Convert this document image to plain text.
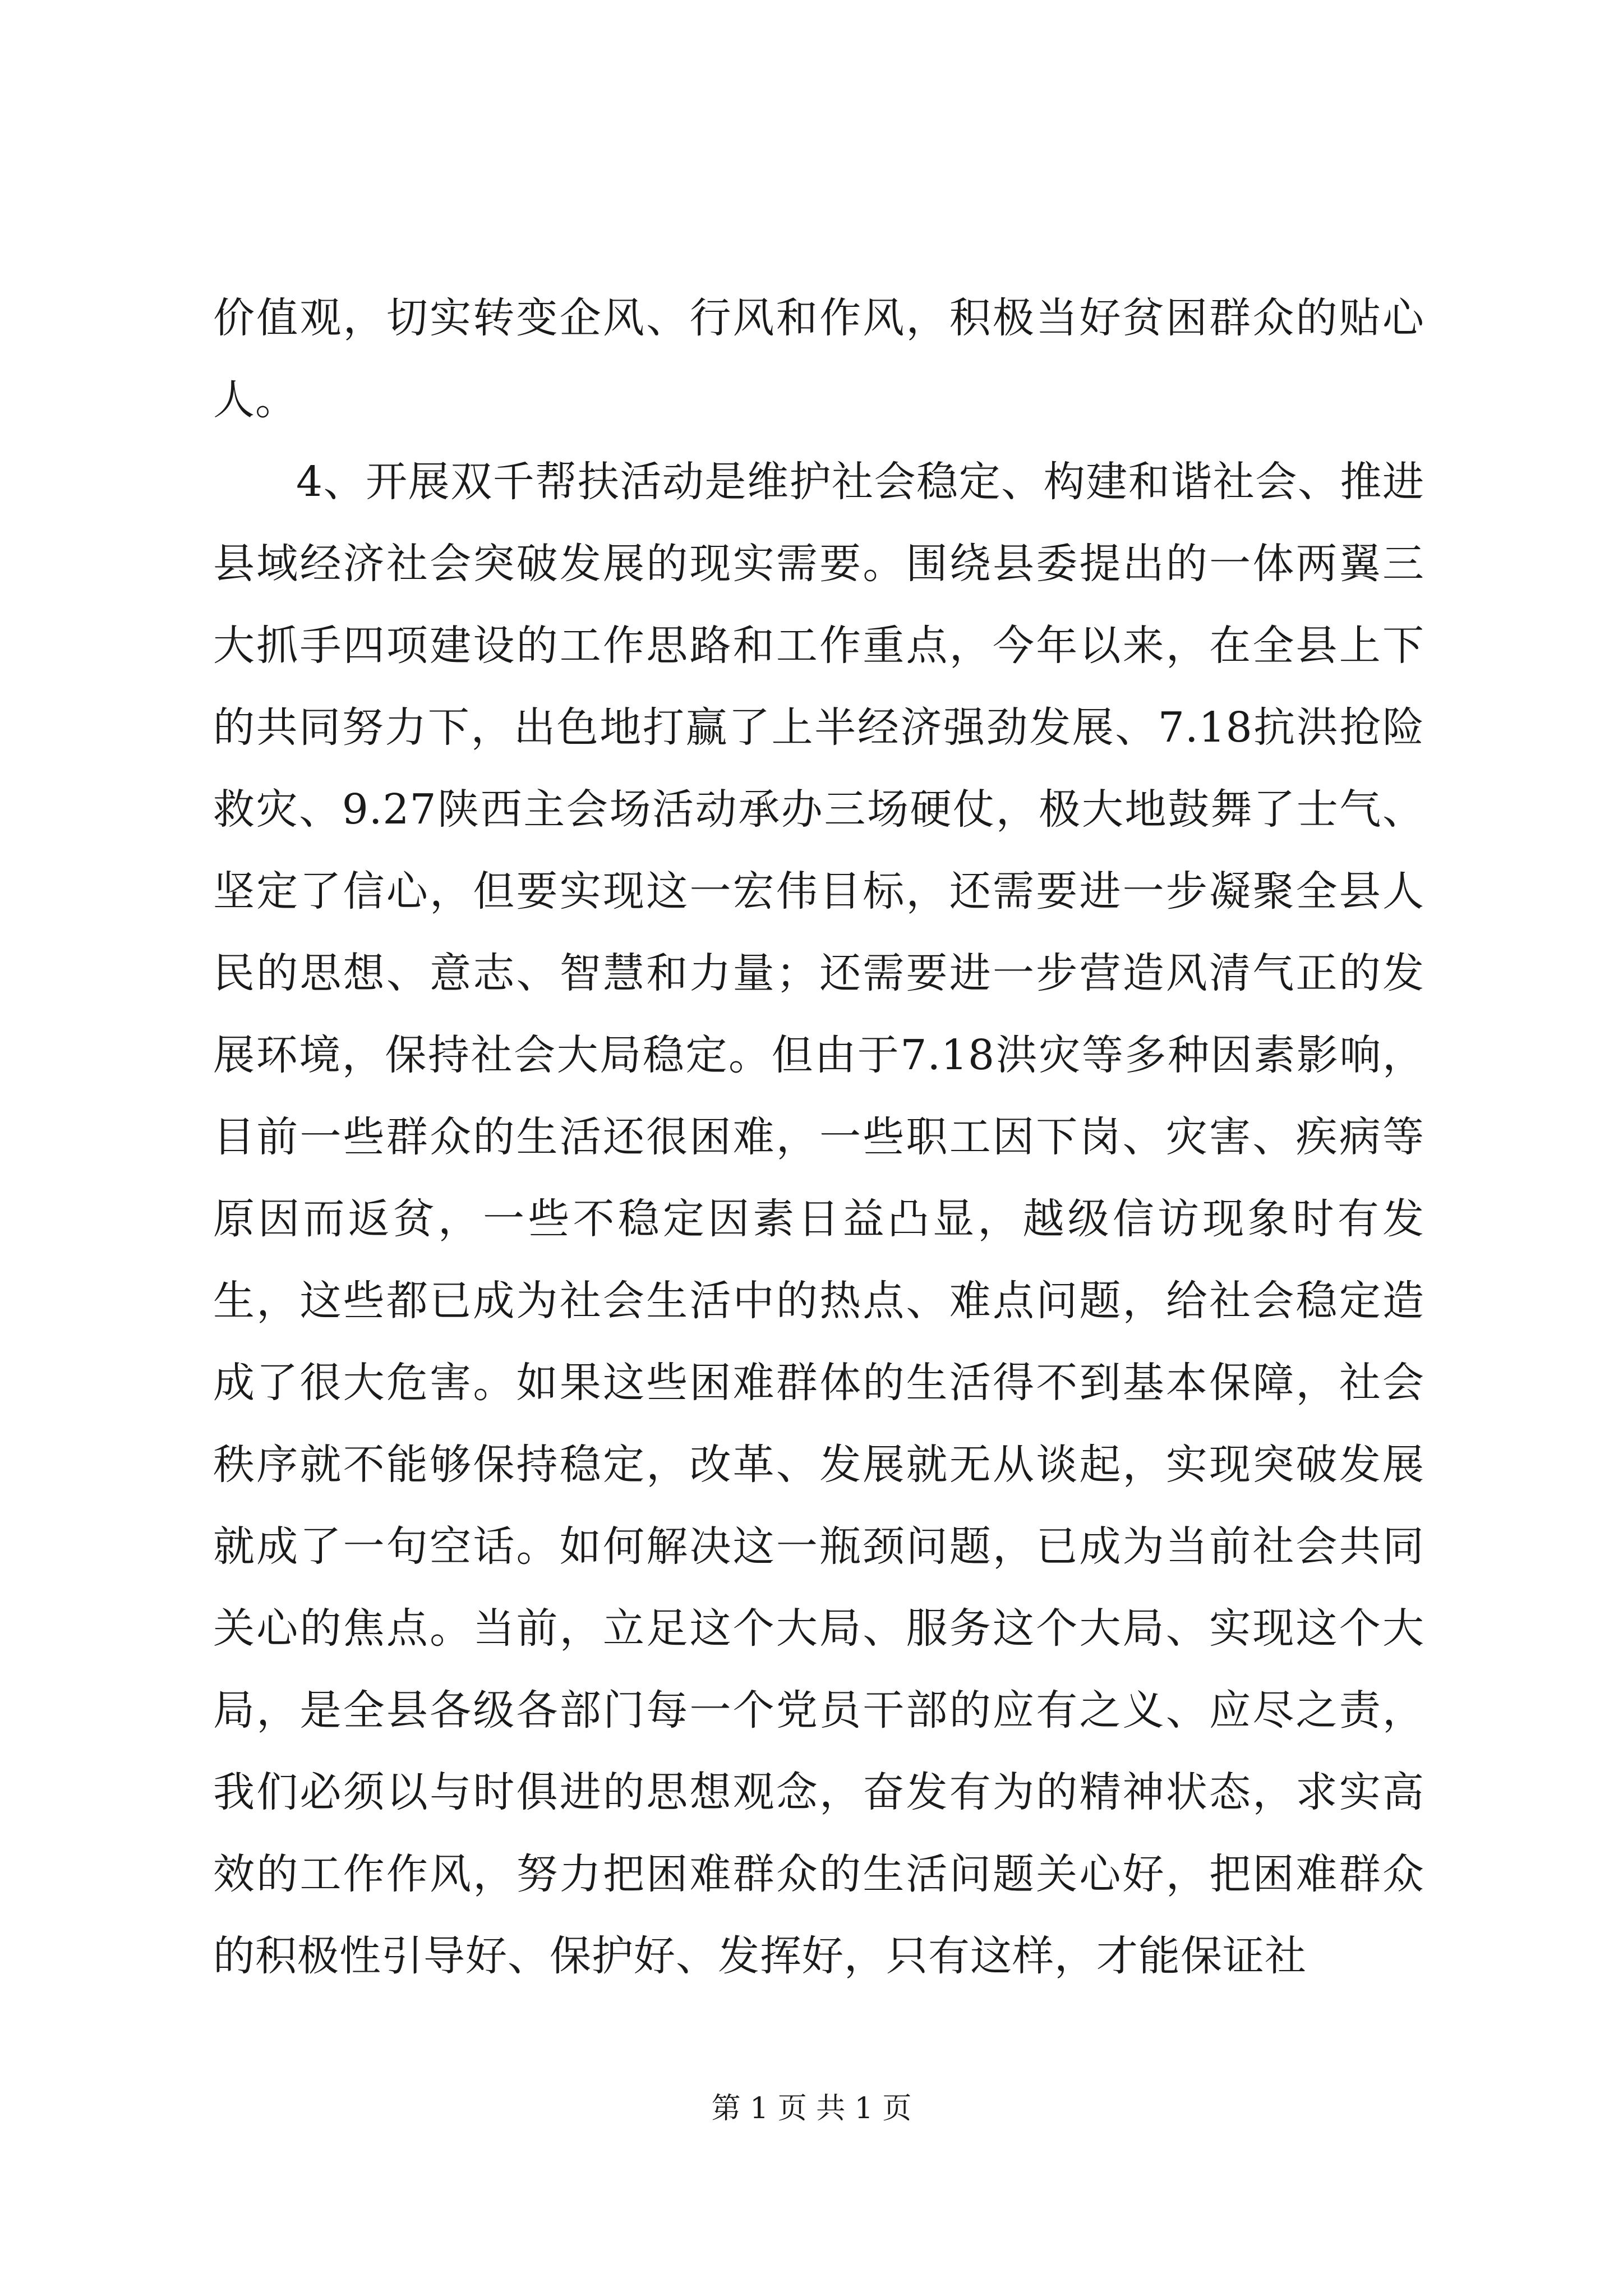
价值观，切实转变企风、行风和作风，积极当好贫困群众的贴心人。

4、开展双千帮扶活动是维护社会稳定、构建和谐社会、推进县域经济社会突破发展的现实需要。围绕县委提出的一体两翼三大抓手四项建设的工作思路和工作重点，今年以来，在全县上下的共同努力下，出色地打赢了上半经济强劲发展、7.18抗洪抢险救灾、9.27陕西主会场活动承办三场硬仗，极大地鼓舞了士气、坚定了信心，但要实现这一宏伟目标，还需要进一步凝聚全县人民的思想、意志、智慧和力量；还需要进一步营造风清气正的发展环境，保持社会大局稳定。但由于7.18洪灾等多种因素影响，目前一些群众的生活还很困难，一些职工因下岗、灾害、疾病等原因而返贫，一些不稳定因素日益凸显，越级信访现象时有发生，这些都已成为社会生活中的热点、难点问题，给社会稳定造成了很大危害。如果这些困难群体的生活得不到基本保障，社会秩序就不能够保持稳定，改革、发展就无从谈起，实现突破发展就成了一句空话。如何解决这一瓶颈问题，已成为当前社会共同关心的焦点。当前，立足这个大局、服务这个大局、实现这个大局，是全县各级各部门每一个党员干部的应有之义、应尽之责，我们必须以与时俱进的思想观念，奋发有为的精神状态，求实高效的工作作风，努力把困难群众的生活问题关心好，把困难群众的积极性引导好、保护好、发挥好，只有这样，才能保证社

第 1 页 共 1 页
